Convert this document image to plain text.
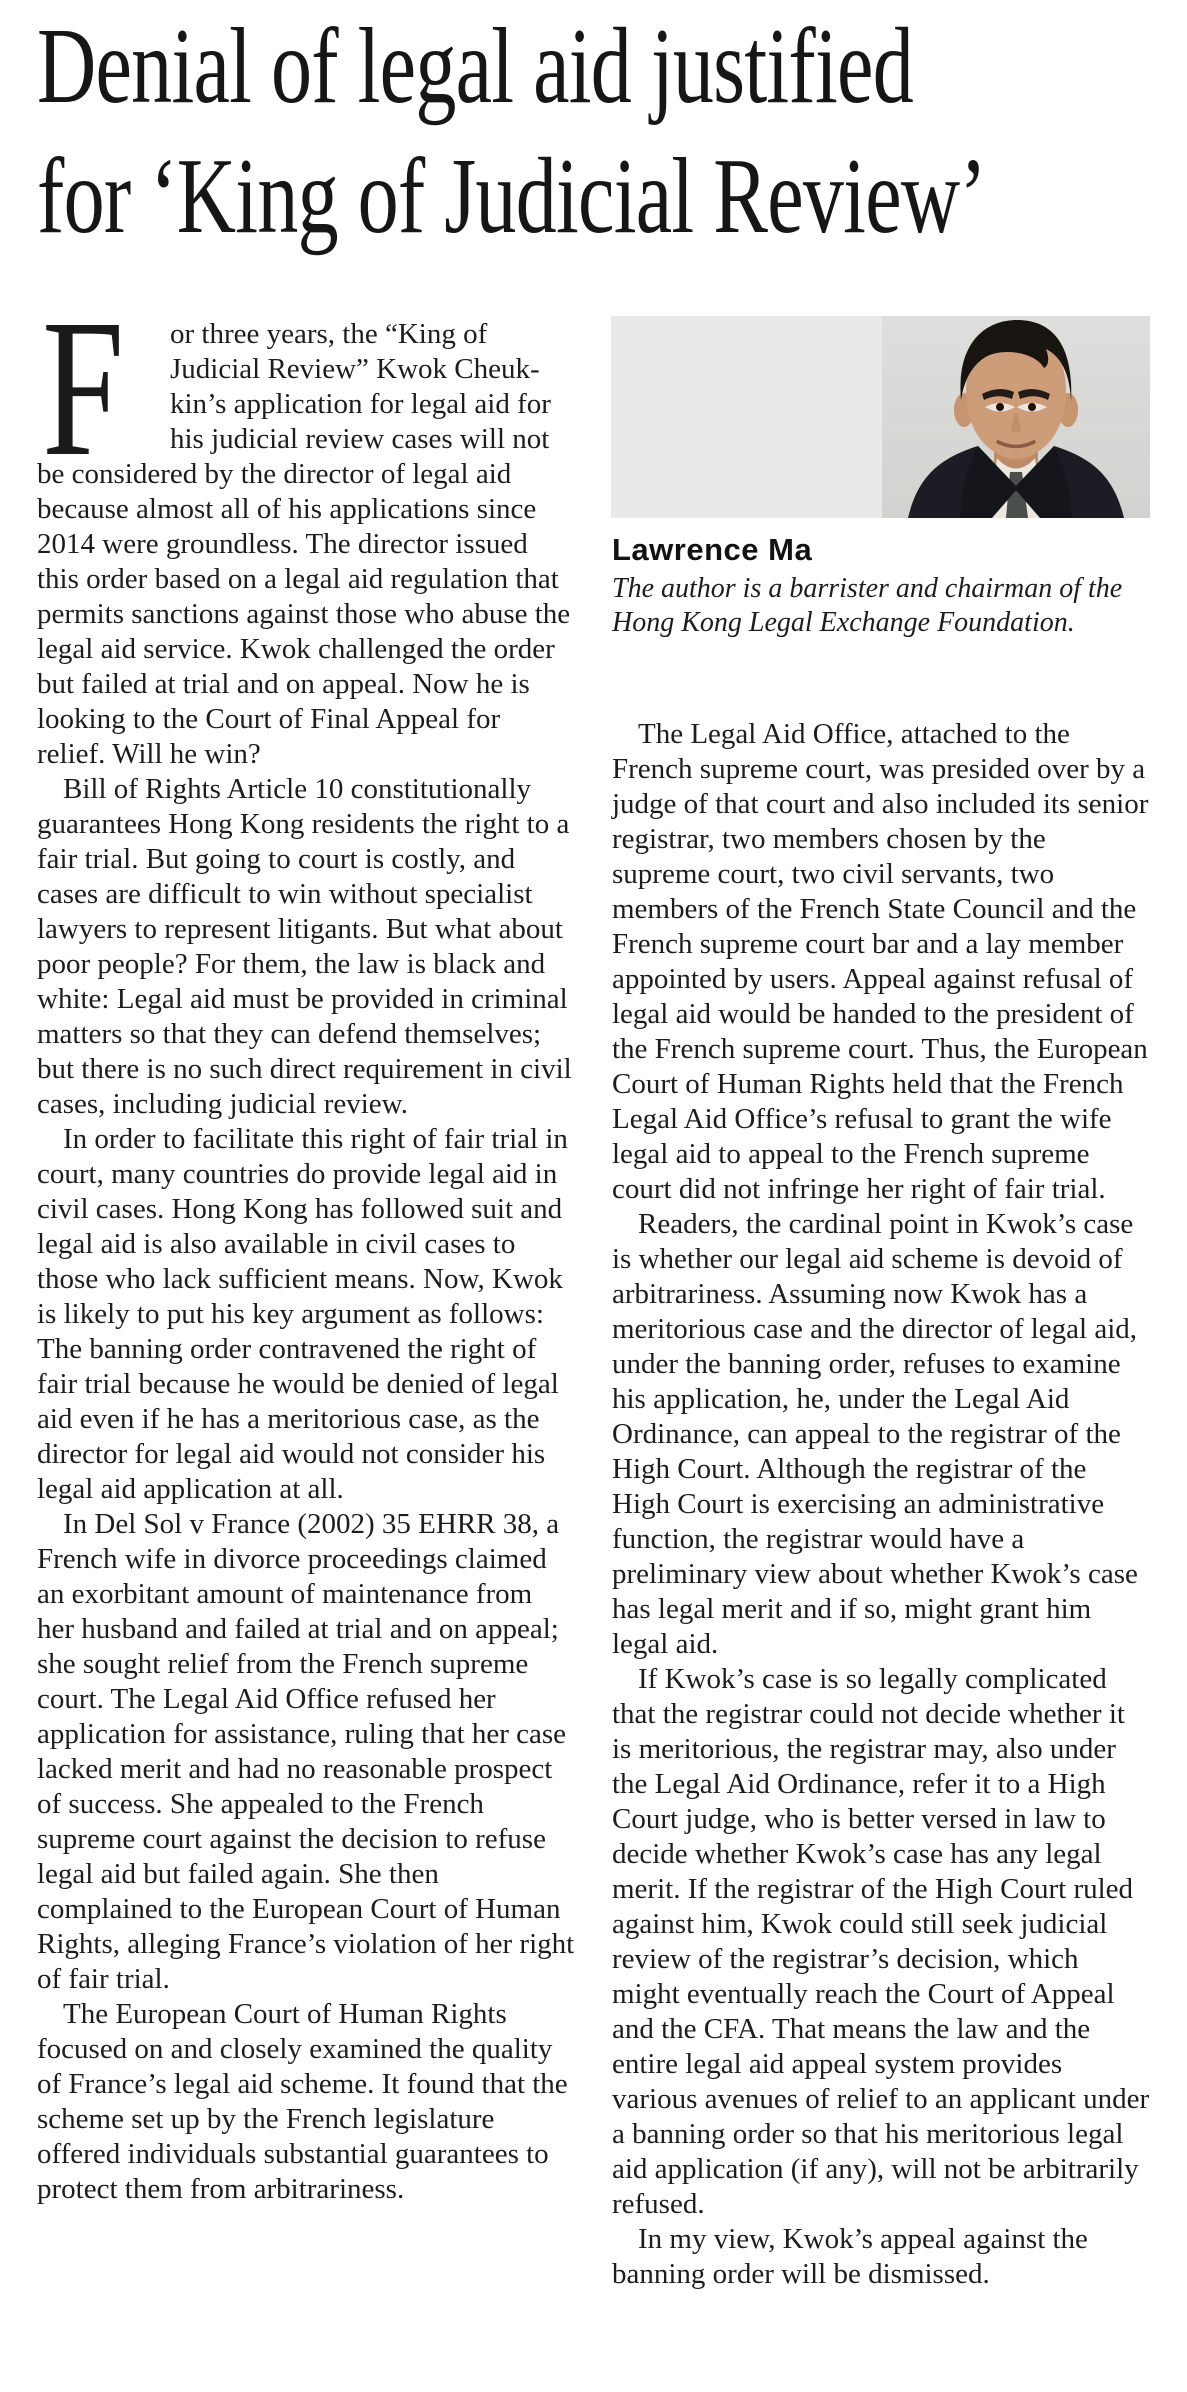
Denial of legal aid justified
for ‘King of Judicial Review’
F	or three years, the “King of Judicial Review” Kwok Cheuk-kin’s application for legal aid for his judicial review cases will not be considered by the director of legal aid because almost all of his applications since 2014 were groundless. The director issued this order based on a legal aid regulation that permits sanctions against those who abuse the legal aid service. Kwok challenged the order but failed at trial and on appeal. Now he is looking to the Court of Final Appeal for relief. Will he win?

Bill of Rights Article 10 constitutionally guarantees Hong Kong residents the right to a fair trial. But going to court is costly, and cases are difficult to win without specialist lawyers to represent litigants. But what about poor people? For them, the law is black and white: Legal aid must be provided in criminal matters so that they can defend themselves; but there is no such direct requirement in civil cases, including judicial review.

In order to facilitate this right of fair trial in court, many countries do provide legal aid in civil cases. Hong Kong has followed suit and legal aid is also available in civil cases to those who lack sufficient means. Now, Kwok is likely to put his key argument as follows: The banning order contravened the right of fair trial because he would be denied of legal aid even if he has a meritorious case, as the director for legal aid would not consider his legal aid application at all.

In Del Sol v France (2002) 35 EHRR 38, a French wife in divorce proceedings claimed an exorbitant amount of maintenance from her husband and failed at trial and on appeal; she sought relief from the French supreme court. The Legal Aid Office refused her application for assistance, ruling that her case lacked merit and had no reasonable prospect of success. She appealed to the French supreme court against the decision to refuse legal aid but failed again. She then complained to the European Court of Human Rights, alleging France’s violation of her right of fair trial.

The European Court of Human Rights focused on and closely examined the quality of France’s legal aid scheme. It found that the scheme set up by the French legislature offered individuals substantial guarantees to protect them from arbitrariness.

Lawrence Ma
The author is a barrister and chairman of the Hong Kong Legal Exchange Foundation.

The Legal Aid Office, attached to the French supreme court, was presided over by a judge of that court and also included its senior registrar, two members chosen by the supreme court, two civil servants, two members of the French State Council and the French supreme court bar and a lay member appointed by users. Appeal against refusal of legal aid would be handed to the president of the French supreme court. Thus, the European Court of Human Rights held that the French Legal Aid Office’s refusal to grant the wife legal aid to appeal to the French supreme court did not infringe her right of fair trial.

Readers, the cardinal point in Kwok’s case is whether our legal aid scheme is devoid of arbitrariness. Assuming now Kwok has a meritorious case and the director of legal aid, under the banning order, refuses to examine his application, he, under the Legal Aid Ordinance, can appeal to the registrar of the High Court. Although the registrar of the High Court is exercising an administrative function, the registrar would have a preliminary view about whether Kwok’s case has legal merit and if so, might grant him legal aid.

If Kwok’s case is so legally complicated that the registrar could not decide whether it is meritorious, the registrar may, also under the Legal Aid Ordinance, refer it to a High Court judge, who is better versed in law to decide whether Kwok’s case has any legal merit. If the registrar of the High Court ruled against him, Kwok could still seek judicial review of the registrar’s decision, which might eventually reach the Court of Appeal and the CFA. That means the law and the entire legal aid appeal system provides various avenues of relief to an applicant under a banning order so that his meritorious legal aid application (if any), will not be arbitrarily refused.

In my view, Kwok’s appeal against the banning order will be dismissed.
